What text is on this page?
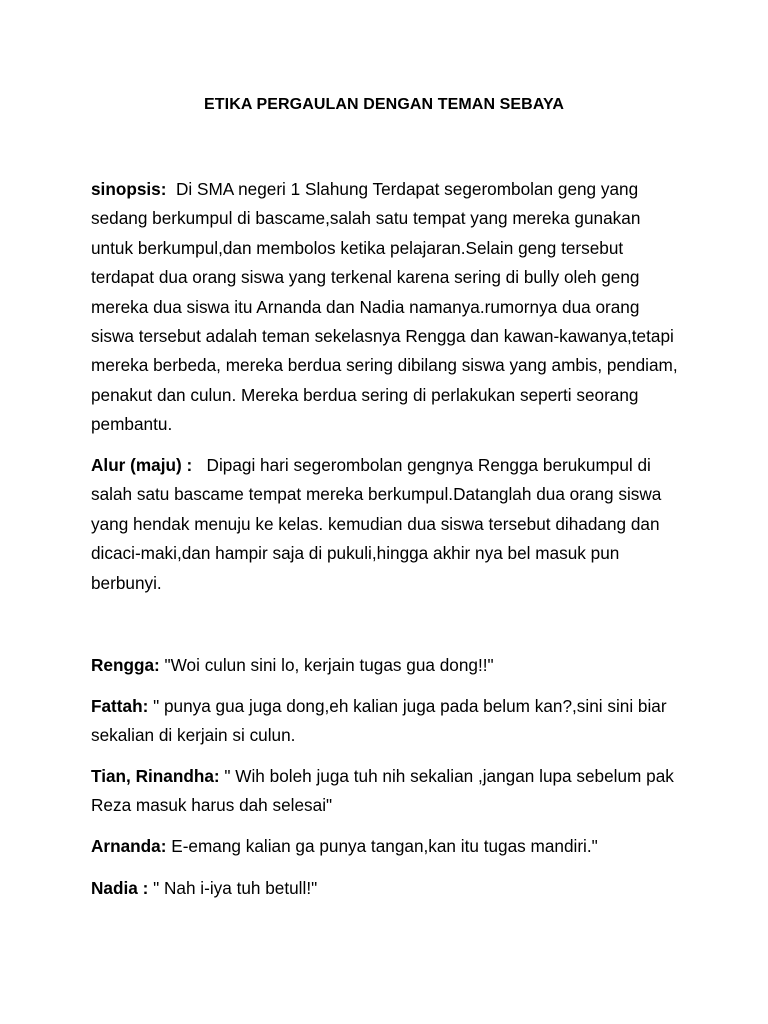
ETIKA PERGAULAN DENGAN TEMAN SEBAYA
sinopsis: Di SMA negeri 1 Slahung Terdapat segerombolan geng yang sedang berkumpul di bascame,salah satu tempat yang mereka gunakan untuk berkumpul,dan membolos ketika pelajaran.Selain geng tersebut terdapat dua orang siswa yang terkenal karena sering di bully oleh geng mereka dua siswa itu Arnanda dan Nadia namanya.rumornya dua orang siswa tersebut adalah teman sekelasnya Rengga dan kawan-kawanya,tetapi mereka berbeda, mereka berdua sering dibilang siswa yang ambis, pendiam, penakut dan culun. Mereka berdua sering di perlakukan seperti seorang pembantu.
Alur (maju) : Dipagi hari segerombolan gengnya Rengga berukumpul di salah satu bascame tempat mereka berkumpul.Datanglah dua orang siswa yang hendak menuju ke kelas. kemudian dua siswa tersebut dihadang dan dicaci-maki,dan hampir saja di pukuli,hingga akhir nya bel masuk pun berbunyi.
Rengga: "Woi culun sini lo, kerjain tugas gua dong!!"
Fattah: " punya gua juga dong,eh kalian juga pada belum kan?,sini sini biar sekalian di kerjain si culun.
Tian, Rinandha: " Wih boleh juga tuh nih sekalian ,jangan lupa sebelum pak Reza masuk harus dah selesai"
Arnanda: E-emang kalian ga punya tangan,kan itu tugas mandiri."
Nadia : " Nah i-iya tuh betull!"
